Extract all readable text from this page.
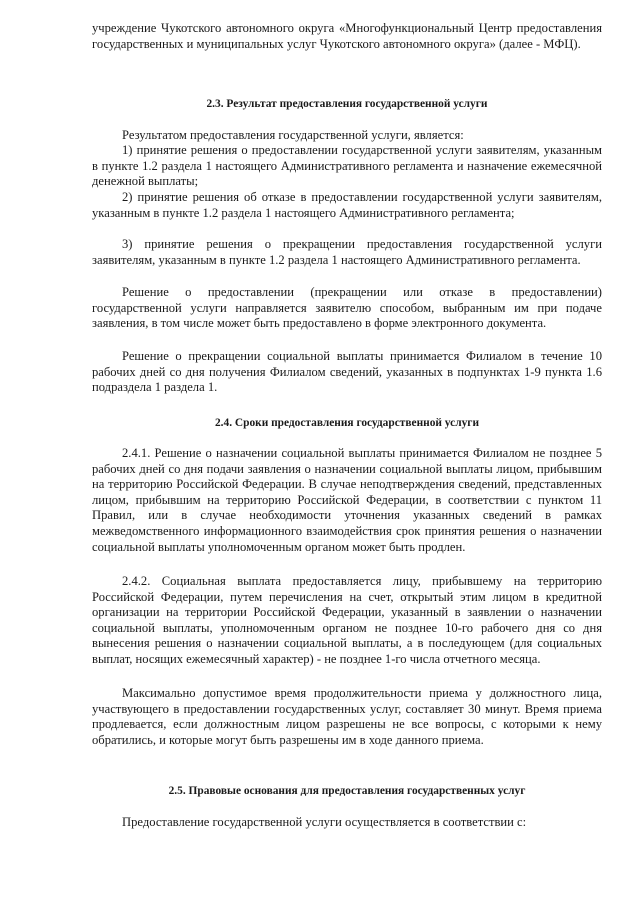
учреждение Чукотского автономного округа «Многофункциональный Центр предоставления государственных и муниципальных услуг Чукотского автономного округа» (далее - МФЦ).

2.3. Результат предоставления государственной услуги

Результатом предоставления государственной услуги, является:

1) принятие решения о предоставлении государственной услуги заявителям, указанным в пункте 1.2 раздела 1 настоящего Административного регламента и назначение ежемесячной денежной выплаты;

2) принятие решения об отказе в предоставлении государственной услуги заявителям, указанным в пункте 1.2 раздела 1 настоящего Административного регламента;

3) принятие решения о прекращении предоставления государственной услуги заявителям, указанным в пункте 1.2 раздела 1 настоящего Административного регламента.

Решение о предоставлении (прекращении или отказе в предоставлении) государственной услуги направляется заявителю способом, выбранным им при подаче заявления, в том числе может быть предоставлено в форме электронного документа.

Решение о прекращении социальной выплаты принимается Филиалом в течение 10 рабочих дней со дня получения Филиалом сведений, указанных в подпунктах 1-9 пункта 1.6 подраздела 1 раздела 1.

2.4. Сроки предоставления государственной услуги

2.4.1. Решение о назначении социальной выплаты принимается Филиалом не позднее 5 рабочих дней со дня подачи заявления о назначении социальной выплаты лицом, прибывшим на территорию Российской Федерации. В случае неподтверждения сведений, представленных лицом, прибывшим на территорию Российской Федерации, в соответствии с пунктом 11 Правил, или в случае необходимости уточнения указанных сведений в рамках межведомственного информационного взаимодействия срок принятия решения о назначении социальной выплаты уполномоченным органом может быть продлен.

2.4.2. Социальная выплата предоставляется лицу, прибывшему на территорию Российской Федерации, путем перечисления на счет, открытый этим лицом в кредитной организации на территории Российской Федерации, указанный в заявлении о назначении социальной выплаты, уполномоченным органом не позднее 10-го рабочего дня со дня вынесения решения о назначении социальной выплаты, а в последующем (для социальных выплат, носящих ежемесячный характер) - не позднее 1-го числа отчетного месяца.

Максимально допустимое время продолжительности приема у должностного лица, участвующего в предоставлении государственных услуг, составляет 30 минут. Время приема продлевается, если должностным лицом разрешены не все вопросы, с которыми к нему обратились, и которые могут быть разрешены им в ходе данного приема.

2.5. Правовые основания для предоставления государственных услуг

Предоставление государственной услуги осуществляется в соответствии с:
